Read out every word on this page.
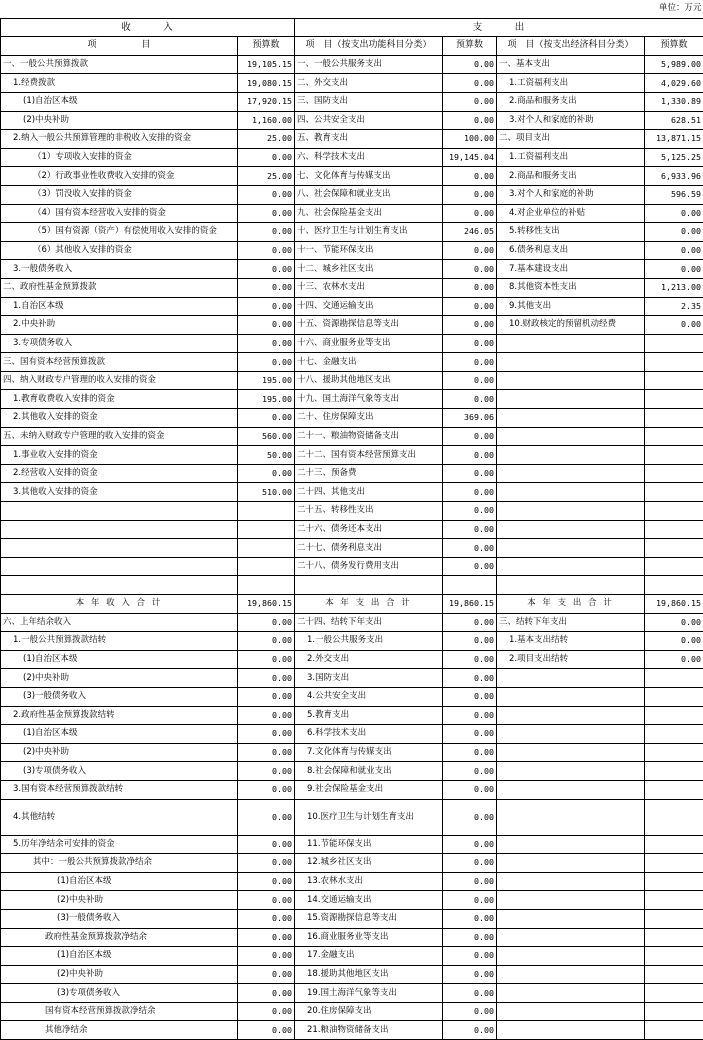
					单位：万元
收　　　入		支　　　出			
项　　　　　目	预算数	项　目（按支出功能科目分类）	预算数	项　目（按支出经济科目分类）	预算数
一、一般公共预算拨款	19,105.15	一、一般公共服务支出	0.00	一、基本支出	5,989.00
1.经费拨款	19,080.15	二、外交支出	0.00	1.工资福利支出	4,029.60
(1)自治区本级	17,920.15	三、国防支出	0.00	2.商品和服务支出	1,330.89
(2)中央补助	1,160.00	四、公共安全支出	0.00	3.对个人和家庭的补助	628.51
2.纳入一般公共预算管理的非税收入安排的资金	25.00	五、教育支出	100.00	二、项目支出	13,871.15
（1）专项收入安排的资金	0.00	六、科学技术支出	19,145.04	1.工资福利支出	5,125.25
（2）行政事业性收费收入安排的资金	25.00	七、文化体育与传媒支出	0.00	2.商品和服务支出	6,933.96
（3）罚没收入安排的资金	0.00	八、社会保障和就业支出	0.00	3.对个人和家庭的补助	596.59
（4）国有资本经营收入安排的资金	0.00	九、社会保险基金支出	0.00	4.对企业单位的补贴	0.00
（5）国有资源（资产）有偿使用收入安排的资金	0.00	十、医疗卫生与计划生育支出	246.05	5.转移性支出	0.00
（6）其他收入安排的资金	0.00	十一、节能环保支出	0.00	6.债务利息支出	0.00
3.一般债务收入	0.00	十二、城乡社区支出	0.00	7.基本建设支出	0.00
二、政府性基金预算拨款	0.00	十三、农林水支出	0.00	8.其他资本性支出	1,213.00
1.自治区本级	0.00	十四、交通运输支出	0.00	9.其他支出	2.35
2.中央补助	0.00	十五、资源勘探信息等支出	0.00	10.财政核定的预留机动经费	0.00
3.专项债务收入	0.00	十六、商业服务业等支出	0.00		
三、国有资本经营预算拨款	0.00	十七、金融支出	0.00		
四、纳入财政专户管理的收入安排的资金	195.00	十八、援助其他地区支出	0.00		
1.教育收费收入安排的资金	195.00	十九、国土海洋气象等支出	0.00		
2.其他收入安排的资金	0.00	二十、住房保障支出	369.06		
五、未纳入财政专户管理的收入安排的资金	560.00	二十一、粮油物资储备支出	0.00		
1.事业收入安排的资金	50.00	二十二、国有资本经营预算支出	0.00		
2.经营收入安排的资金	0.00	二十三、预备费	0.00		
3.其他收入安排的资金	510.00	二十四、其他支出	0.00		
		二十五、转移性支出	0.00		
		二十六、债务还本支出	0.00		
		二十七、债务利息支出	0.00		
		二十八、债务发行费用支出	0.00		

本 年 收 入 合 计	19,860.15	本 年 支 出 合 计	19,860.15	本 年 支 出 合 计	19,860.15
六、上年结余收入	0.00	二十四、结转下年支出	0.00	三、结转下年支出	0.00
1.一般公共预算拨款结转	0.00	1.一般公共服务支出	0.00	1.基本支出结转	0.00
(1)自治区本级	0.00	2.外交支出	0.00	2.项目支出结转	0.00
(2)中央补助	0.00	3.国防支出	0.00		
(3)一般债务收入	0.00	4.公共安全支出	0.00		
2.政府性基金预算拨款结转	0.00	5.教育支出	0.00		
(1)自治区本级	0.00	6.科学技术支出	0.00		
(2)中央补助	0.00	7.文化体育与传媒支出	0.00		
(3)专项债务收入	0.00	8.社会保障和就业支出	0.00		
3.国有资本经营预算拨款结转	0.00	9.社会保险基金支出	0.00		
4.其他结转	0.00	10.医疗卫生与计划生育支出	0.00		
5.历年净结余可安排的资金	0.00	11.节能环保支出	0.00		
其中：一般公共预算拨款净结余	0.00	12.城乡社区支出	0.00		
(1)自治区本级	0.00	13.农林水支出	0.00		
(2)中央补助	0.00	14.交通运输支出	0.00		
(3)一般债务收入	0.00	15.资源勘探信息等支出	0.00		
政府性基金预算拨款净结余	0.00	16.商业服务业等支出	0.00		
(1)自治区本级	0.00	17.金融支出	0.00		
(2)中央补助	0.00	18.援助其他地区支出	0.00		
(3)专项债务收入	0.00	19.国土海洋气象等支出	0.00		
国有资本经营预算拨款净结余	0.00	20.住房保障支出	0.00		
其他净结余	0.00	21.粮油物资储备支出	0.00		
